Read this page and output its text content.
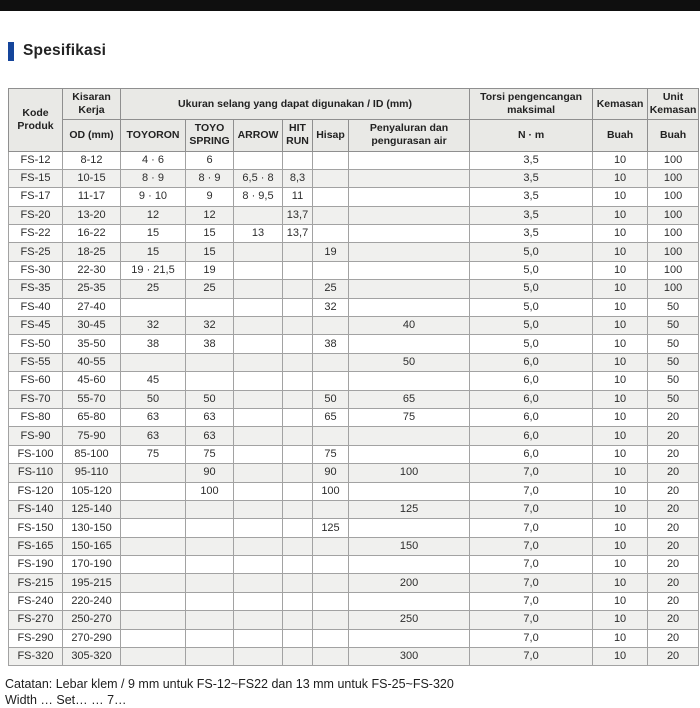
Spesifikasi
Kode Produk	Kisaran Kerja	Ukuran selang yang dapat digunakan / ID (mm)						Torsi pengencangan maksimal	Kemasan	Unit Kemasan
	OD (mm)	TOYORON	TOYO SPRING	ARROW	HIT RUN	Hisap	Penyaluran dan pengurasan air	N · m	Buah	Buah
FS-12	8-12	4 · 6	6					3,5	10	100
FS-15	10-15	8 · 9	8 · 9	6,5 · 8	8,3			3,5	10	100
FS-17	11-17	9 · 10	9	8 · 9,5	11			3,5	10	100
FS-20	13-20	12	12		13,7			3,5	10	100
FS-22	16-22	15	15	13	13,7			3,5	10	100
FS-25	18-25	15	15			19		5,0	10	100
FS-30	22-30	19 · 21,5	19					5,0	10	100
FS-35	25-35	25	25			25		5,0	10	100
FS-40	27-40					32		5,0	10	50
FS-45	30-45	32	32				40	5,0	10	50
FS-50	35-50	38	38			38		5,0	10	50
FS-55	40-55						50	6,0	10	50
FS-60	45-60	45						6,0	10	50
FS-70	55-70	50	50			50	65	6,0	10	50
FS-80	65-80	63	63			65	75	6,0	10	20
FS-90	75-90	63	63					6,0	10	20
FS-100	85-100	75	75			75		6,0	10	20
FS-110	95-110		90			90	100	7,0	10	20
FS-120	105-120		100			100		7,0	10	20
FS-140	125-140						125	7,0	10	20
FS-150	130-150					125		7,0	10	20
FS-165	150-165						150	7,0	10	20
FS-190	170-190							7,0	10	20
FS-215	195-215						200	7,0	10	20
FS-240	220-240							7,0	10	20
FS-270	250-270						250	7,0	10	20
FS-290	270-290							7,0	10	20
FS-320	305-320						300	7,0	10	20
Catatan: Lebar klem / 9 mm untuk FS-12~FS22 dan 13 mm untuk FS-25~FS-320
Width … Set… … 7…
